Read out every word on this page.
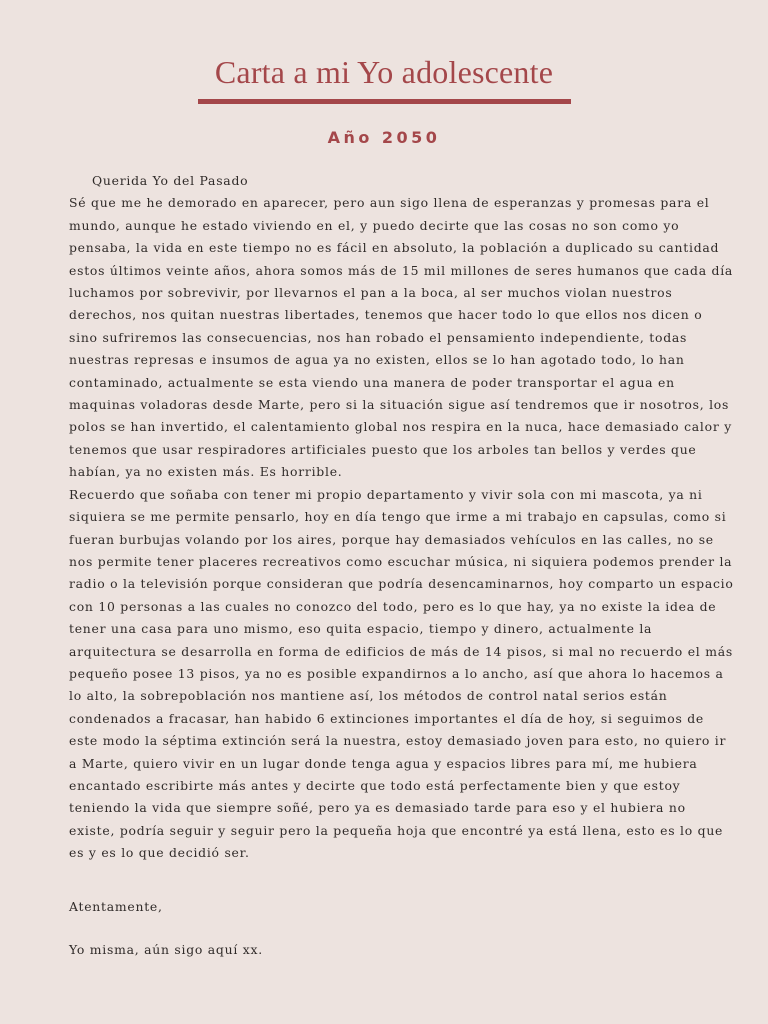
Carta a mi Yo adolescente
Año 2050

Querida Yo del Pasado

Sé que me he demorado en aparecer, pero aun sigo llena de esperanzas y promesas para el mundo, aunque he estado viviendo en el, y puedo decirte que las cosas no son como yo pensaba, la vida en este tiempo no es fácil en absoluto, la población a duplicado su cantidad estos últimos veinte años, ahora somos más de 15 mil millones de seres humanos que cada día luchamos por sobrevivir, por llevarnos el pan a la boca, al ser muchos violan nuestros derechos, nos quitan nuestras libertades, tenemos que hacer todo lo que ellos nos dicen o sino sufriremos las consecuencias, nos han robado el pensamiento independiente, todas nuestras represas e insumos de agua ya no existen, ellos se lo han agotado todo, lo han contaminado, actualmente se esta viendo una manera de poder transportar el agua en maquinas voladoras desde Marte, pero si la situación sigue así tendremos que ir nosotros, los polos se han invertido, el calentamiento global nos respira en la nuca, hace demasiado calor y tenemos que usar respiradores artificiales puesto que los arboles tan bellos y verdes que habían, ya no existen más. Es horrible.

Recuerdo que soñaba con tener mi propio departamento y vivir sola con mi mascota, ya ni siquiera se me permite pensarlo, hoy en día tengo que irme a mi trabajo en capsulas, como si fueran burbujas volando por los aires, porque hay demasiados vehículos en las calles, no se nos permite tener placeres recreativos como escuchar música, ni siquiera podemos prender la radio o la televisión porque consideran que podría desencaminarnos, hoy comparto un espacio con 10 personas a las cuales no conozco del todo, pero es lo que hay, ya no existe la idea de tener una casa para uno mismo, eso quita espacio, tiempo y dinero, actualmente la arquitectura se desarrolla en forma de edificios de más de 14 pisos, si mal no recuerdo el más pequeño posee 13 pisos, ya no es posible expandirnos a lo ancho, así que ahora lo hacemos a lo alto, la sobrepoblación nos mantiene así, los métodos de control natal serios están condenados a fracasar, han habido 6 extinciones importantes el día de hoy, si seguimos de este modo la séptima extinción será la nuestra, estoy demasiado joven para esto, no quiero ir a Marte, quiero vivir en un lugar donde tenga agua y espacios libres para mí, me hubiera encantado escribirte más antes y decirte que todo está perfectamente bien y que estoy teniendo la vida que siempre soñé, pero ya es demasiado tarde para eso y el hubiera no existe, podría seguir y seguir pero la pequeña hoja que encontré ya está llena, esto es lo que es y es lo que decidió ser.

Atentamente,

Yo misma, aún sigo aquí xx.
